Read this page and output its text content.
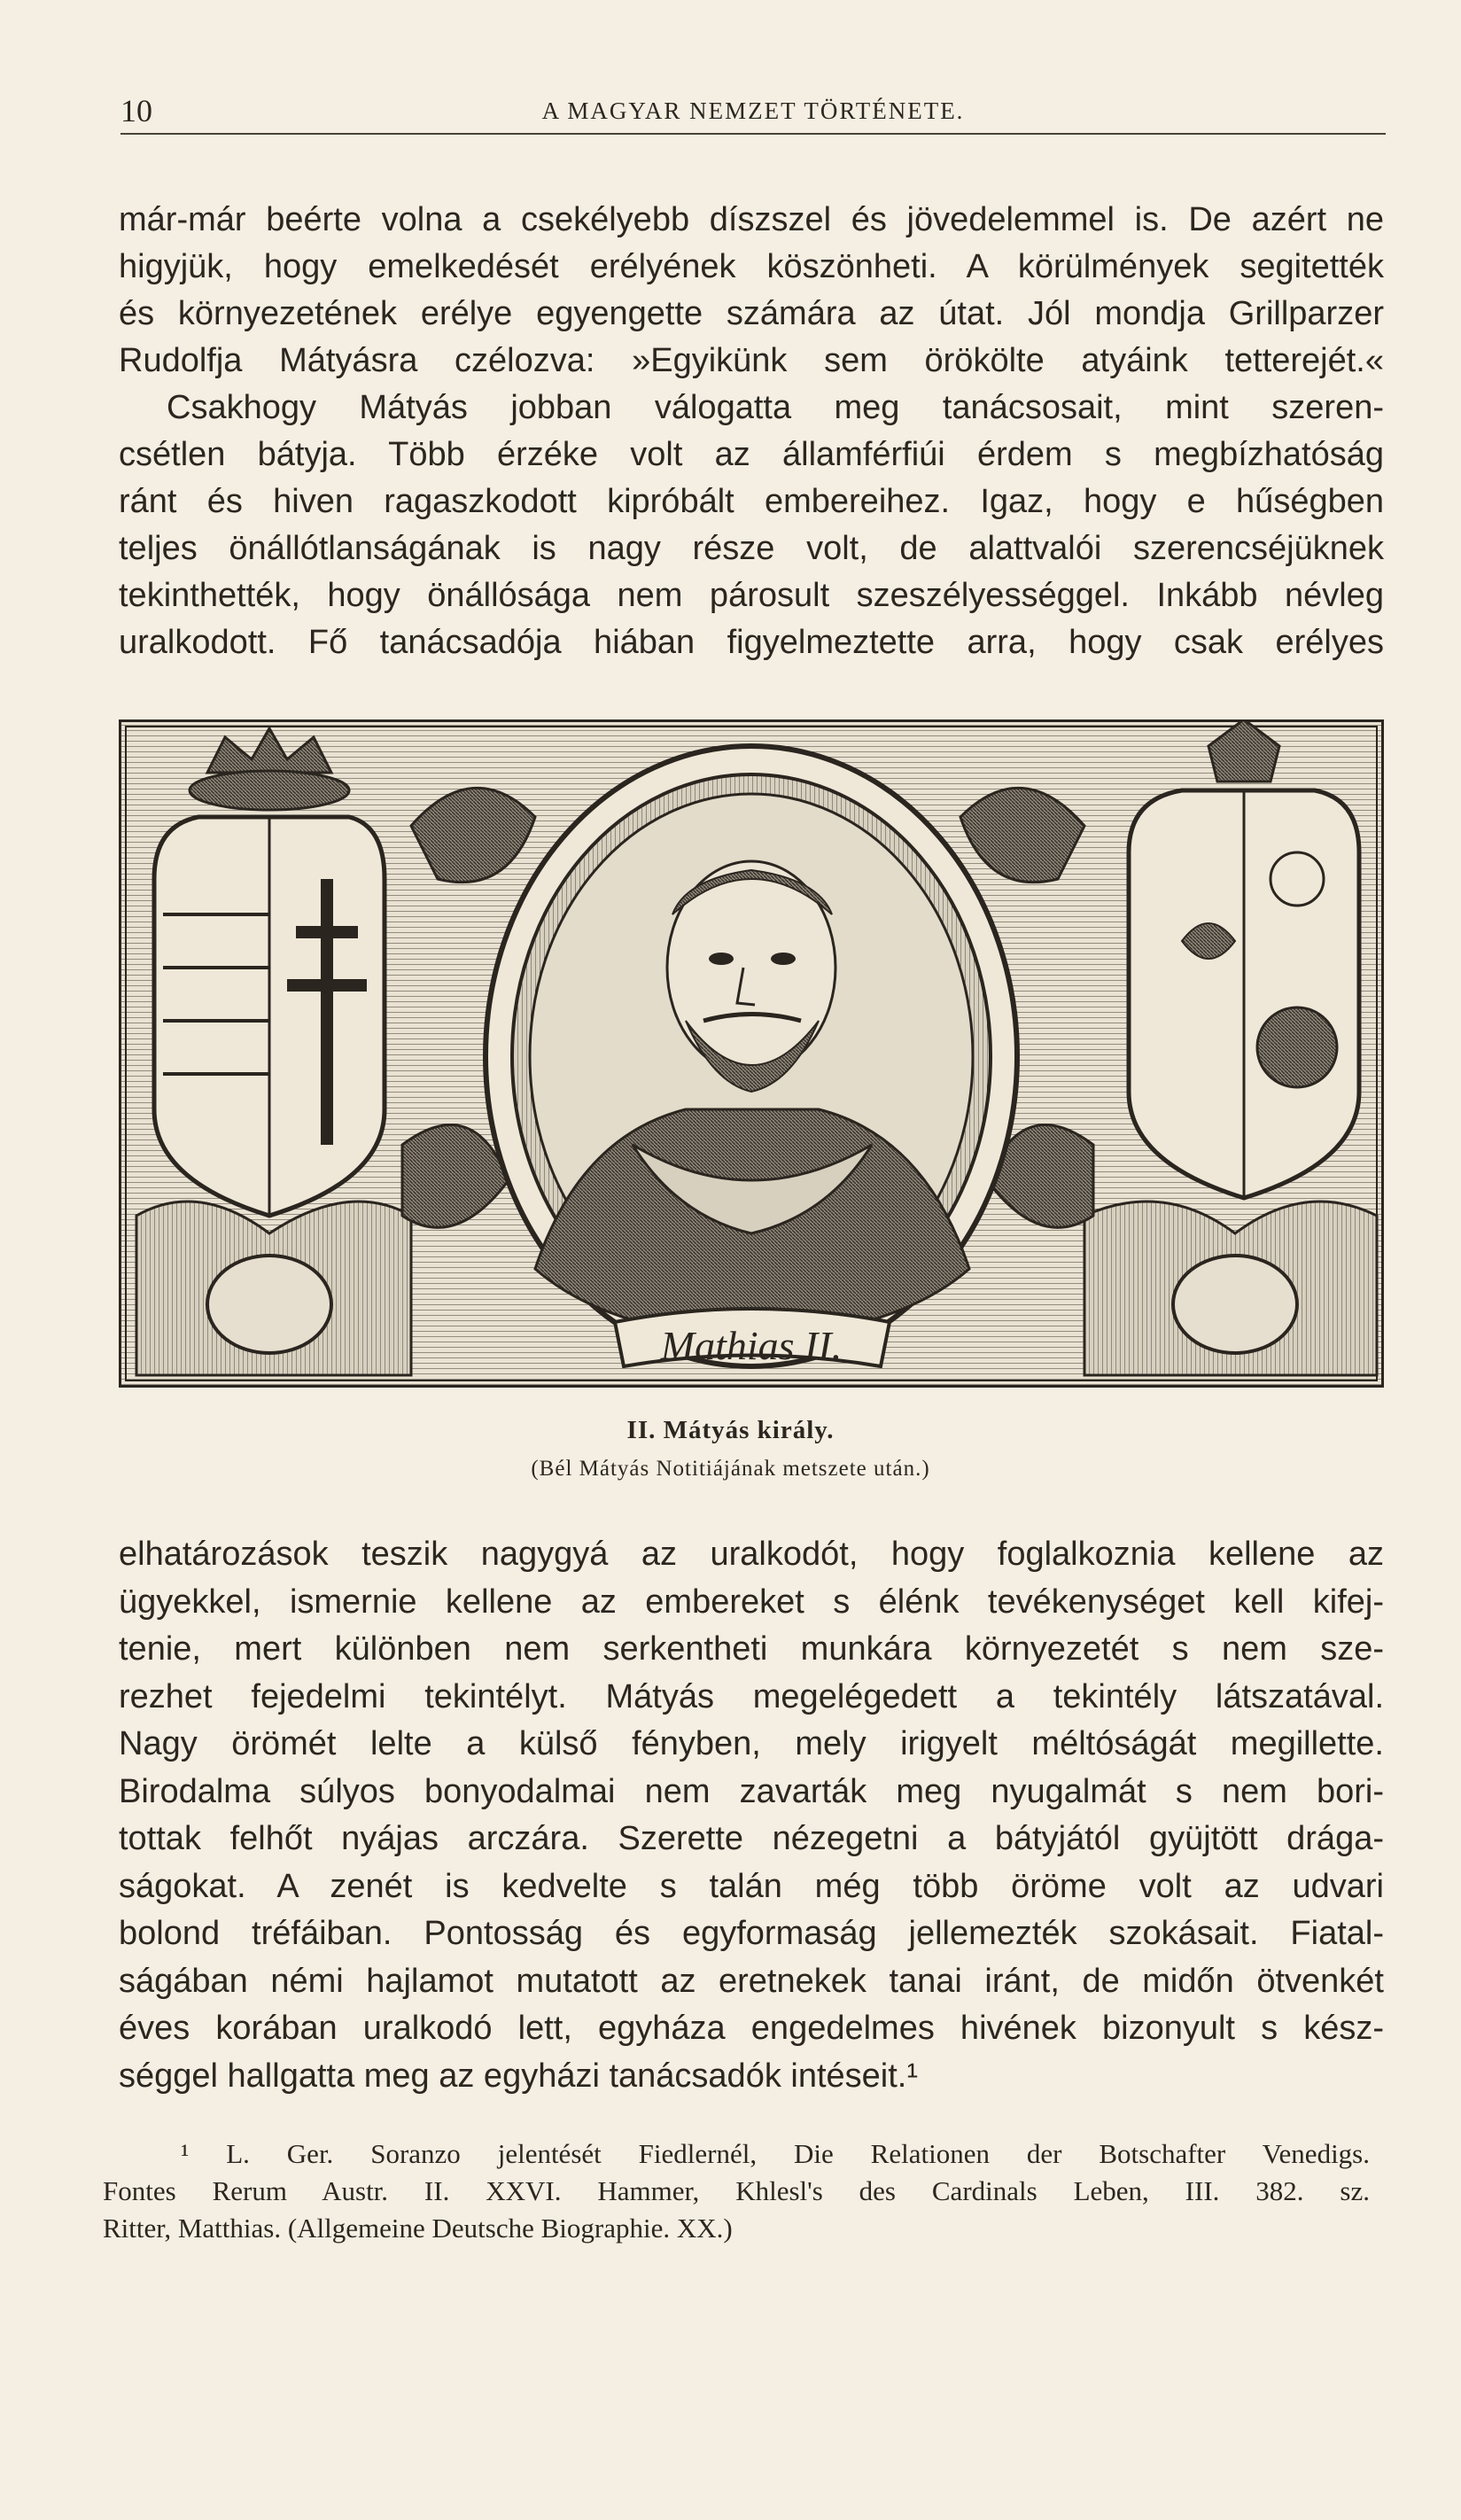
10	A MAGYAR NEMZET TÖRTÉNETE.
már-már beérte volna a csekélyebb díszszel és jövedelemmel is. De azért ne
higyjük, hogy emelkedését erélyének köszönheti. A körülmények segitették
és környezetének erélye egyengette számára az útat. Jól mondja Grillparzer
Rudolfja Mátyásra czélozva: »Egyikünk sem örökölte atyáink tetterejét.«
Csakhogy Mátyás jobban válogatta meg tanácsosait, mint szeren-
csétlen bátyja. Több érzéke volt az államférfiúi érdem s megbízhatóság
ránt és hiven ragaszkodott kipróbált embereihez. Igaz, hogy e hűségben
teljes önállótlanságának is nagy része volt, de alattvalói szerencséjüknek
tekinthették, hogy önállósága nem párosult szeszélyességgel. Inkább névleg
uralkodott. Fő tanácsadója hiában figyelmeztette arra, hogy csak erélyes
Mathias II.
II. Mátyás király.
(Bél Mátyás Notitiájának metszete után.)
elhatározások teszik nagygyá az uralkodót, hogy foglalkoznia kellene az
ügyekkel, ismernie kellene az embereket s élénk tevékenységet kell kifej-
tenie, mert különben nem serkentheti munkára környezetét s nem sze-
rezhet fejedelmi tekintélyt. Mátyás megelégedett a tekintély látszatával.
Nagy örömét lelte a külső fényben, mely irigyelt méltóságát megillette.
Birodalma súlyos bonyodalmai nem zavarták meg nyugalmát s nem bori-
tottak felhőt nyájas arczára. Szerette nézegetni a bátyjától gyüjtött drága-
ságokat. A zenét is kedvelte s talán még több öröme volt az udvari
bolond tréfáiban. Pontosság és egyformaság jellemezték szokásait. Fiatal-
ságában némi hajlamot mutatott az eretnekek tanai iránt, de midőn ötvenkét
éves korában uralkodó lett, egyháza engedelmes hivének bizonyult s kész-
séggel hallgatta meg az egyházi tanácsadók intéseit.¹
¹ L. Ger. Soranzo jelentését Fiedlernél, Die Relationen der Botschafter Venedigs.
Fontes Rerum Austr. II. XXVI. Hammer, Khlesl's des Cardinals Leben, III. 382. sz.
Ritter, Matthias. (Allgemeine Deutsche Biographie. XX.)
